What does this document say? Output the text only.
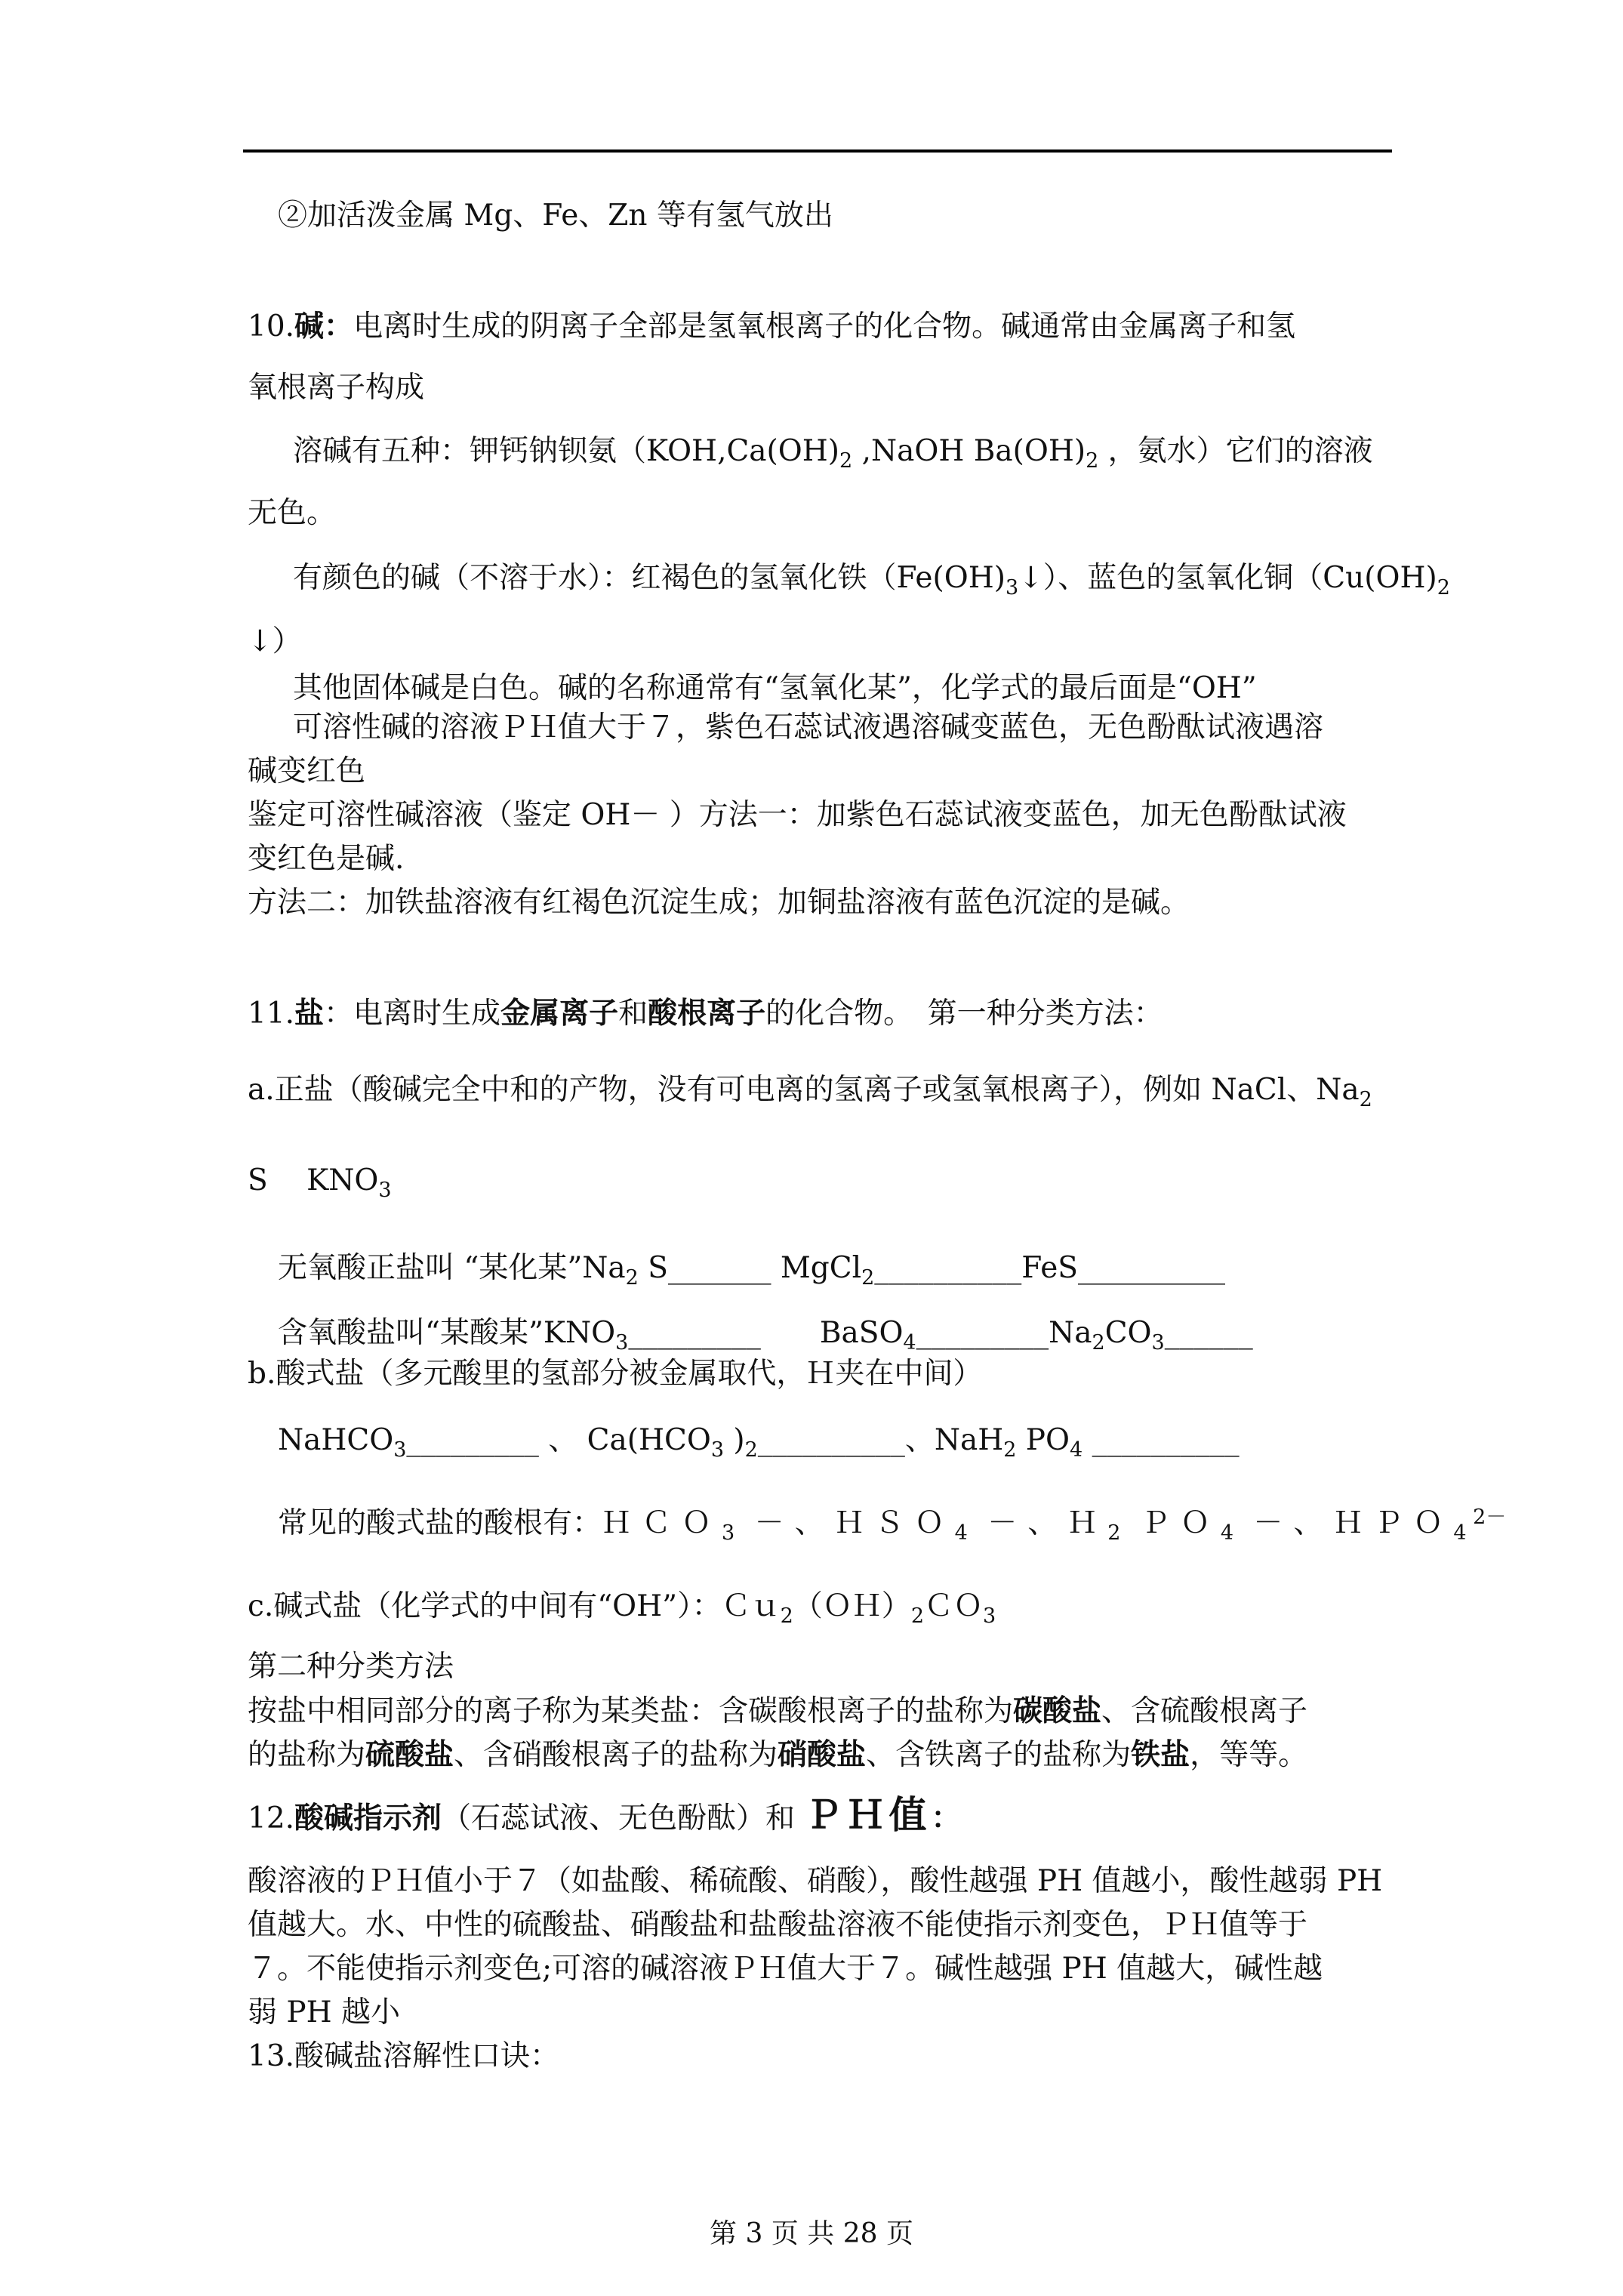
②加活泼金属 Mg、Fe、Zn 等有氢气放出
10.碱：电离时生成的阴离子全部是氢氧根离子的化合物。碱通常由金属离子和氢
氧根离子构成
溶碱有五种：钾钙钠钡氨（$KOH,Ca(OH)_2$ ,NaOH $Ba(OH)_2$ ，氨水）它们的溶液
无色。
有颜色的碱（不溶于水）：红褐色的氢氧化铁$(Fe(OH)_3↓)$、蓝色的氢氧化铜（$Cu(OH)_2$
↓）
其他固体碱是白色。碱的名称通常有“氢氧化某”，化学式的最后面是“OH”
可溶性碱的溶液ＰＨ值大于７，紫色石蕊试液遇溶碱变蓝色，无色酚酞试液遇溶
碱变红色
鉴定可溶性碱溶液（鉴定 OH－ ）方法一：加紫色石蕊试液变蓝色，加无色酚酞试液
变红色是碱.
方法二：加铁盐溶液有红褐色沉淀生成；加铜盐溶液有蓝色沉淀的是碱。
11.盐：电离时生成金属离子和酸根离子的化合物。　第一种分类方法：
a.正盐（酸碱完全中和的产物，没有可电离的氢离子或氢氧根离子），例如 NaCl、$Na_2$
S　 $KNO_3$
无氧酸正盐叫 “某化某$”Na_2$ S_______ MgCl$_2$__________FeS__________
含氧酸盐叫“某酸某$”KNO_3\_\_\_\_\_\_\_\_\_$　　$BaSO_4\_\_\_\_\_\_\_\_\_Na_2CO_3\_\_\_\_\_\_$
b.酸式盐（多元酸里的氢部分被金属取代，Ｈ夹在中间）
NaHCO$_3$_________ 、 $Ca(HCO_3$ )$_2\_\_\_\_\_\_\_\_\_\_$、NaH$_2$ $PO_4$ __________
常见的酸式盐的酸根有：ＨＣＯ$_3$ －、ＨＳＯ$_4$ －、Ｈ$_2$ ＰＯ$_4$ －、ＨＰＯ$_4$ $^{2-}$
c.碱式盐（化学式的中间有“OH”）：$Cu_2(OH)_2CO_3$
第二种分类方法
按盐中相同部分的离子称为某类盐：含碳酸根离子的盐称为碳酸盐、含硫酸根离子
的盐称为硫酸盐、含硝酸根离子的盐称为硝酸盐、含铁离子的盐称为铁盐，等等。
12.酸碱指示剂（石蕊试液、无色酚酞）和 ＰＨ值：
酸溶液的ＰＨ值小于７（如盐酸、稀硫酸、硝酸），酸性越强 PH 值越小，酸性越弱 PH
值越大。水、中性的硫酸盐、硝酸盐和盐酸盐溶液不能使指示剂变色，ＰＨ值等于
７。不能使指示剂变色;可溶的碱溶液ＰＨ值大于７。碱性越强 PH 值越大，碱性越
弱 PH 越小
13.酸碱盐溶解性口诀：
第 3 页 共 28 页
